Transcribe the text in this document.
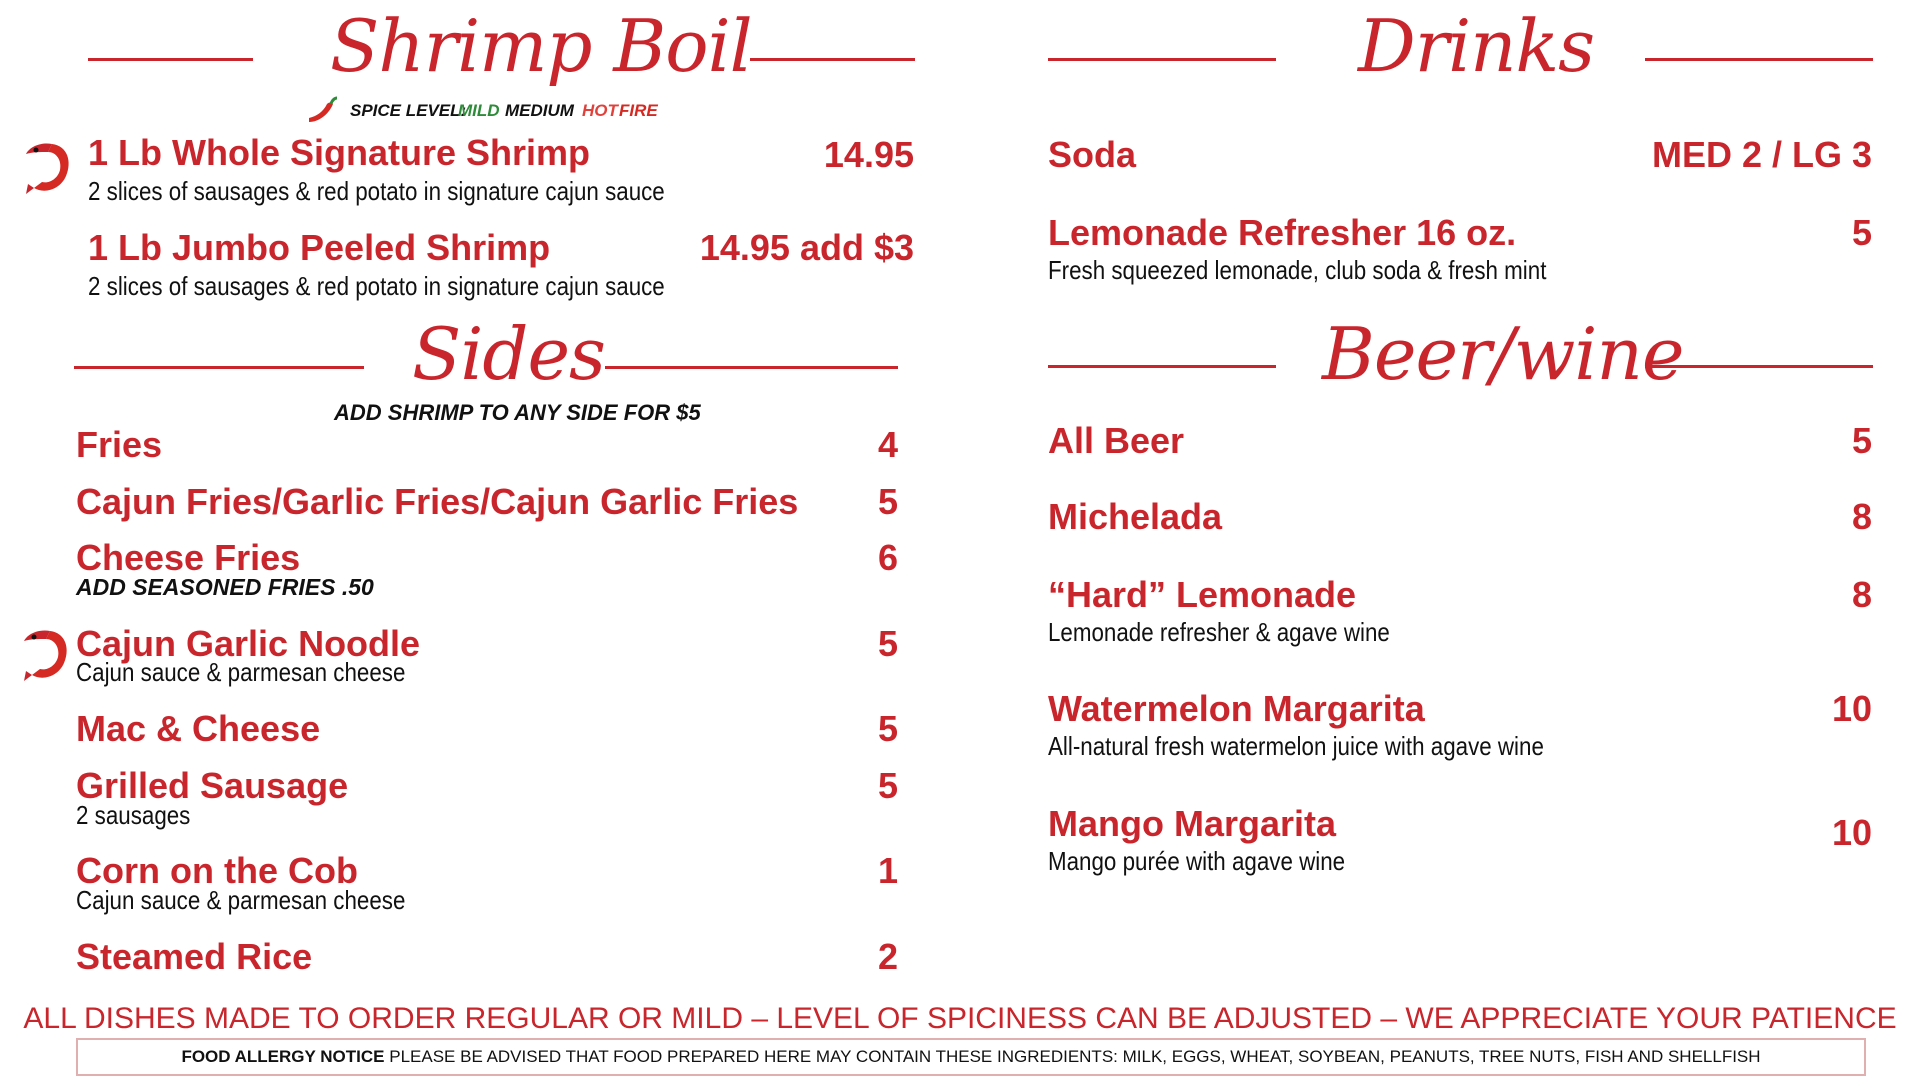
Shrimp Boil
SPICE LEVEL:
MILD MEDIUM HOT FIRE
1 Lb Whole Signature Shrimp	14.95
2 slices of sausages & red potato in signature cajun sauce
1 Lb Jumbo Peeled Shrimp	14.95 add $3
2 slices of sausages & red potato in signature cajun sauce
Sides
ADD SHRIMP TO ANY SIDE FOR $5
Fries	4
Cajun Fries/Garlic Fries/Cajun Garlic Fries 5
Cheese Fries	6
ADD SEASONED FRIES .50
Cajun Garlic Noodle	5
Cajun sauce & parmesan cheese
Mac & Cheese	5
Grilled Sausage	5
2 sausages
Corn on the Cob	1
Cajun sauce & parmesan cheese
Steamed Rice	2
Drinks
Soda	MED 2 / LG 3
Lemonade Refresher 16 oz.	5
Fresh squeezed lemonade, club soda & fresh mint
Beer/wine
All Beer	5
Michelada	8
“Hard” Lemonade	8
Lemonade refresher & agave wine
Watermelon Margarita	10
All-natural fresh watermelon juice with agave wine
Mango Margarita	10
Mango purée with agave wine
ALL DISHES MADE TO ORDER REGULAR OR MILD – LEVEL OF SPICINESS CAN BE ADJUSTED – WE APPRECIATE YOUR PATIENCE
FOOD ALLERGY NOTICE PLEASE BE ADVISED THAT FOOD PREPARED HERE MAY CONTAIN THESE INGREDIENTS: MILK, EGGS, WHEAT, SOYBEAN, PEANUTS, TREE NUTS, FISH AND SHELLFISH
